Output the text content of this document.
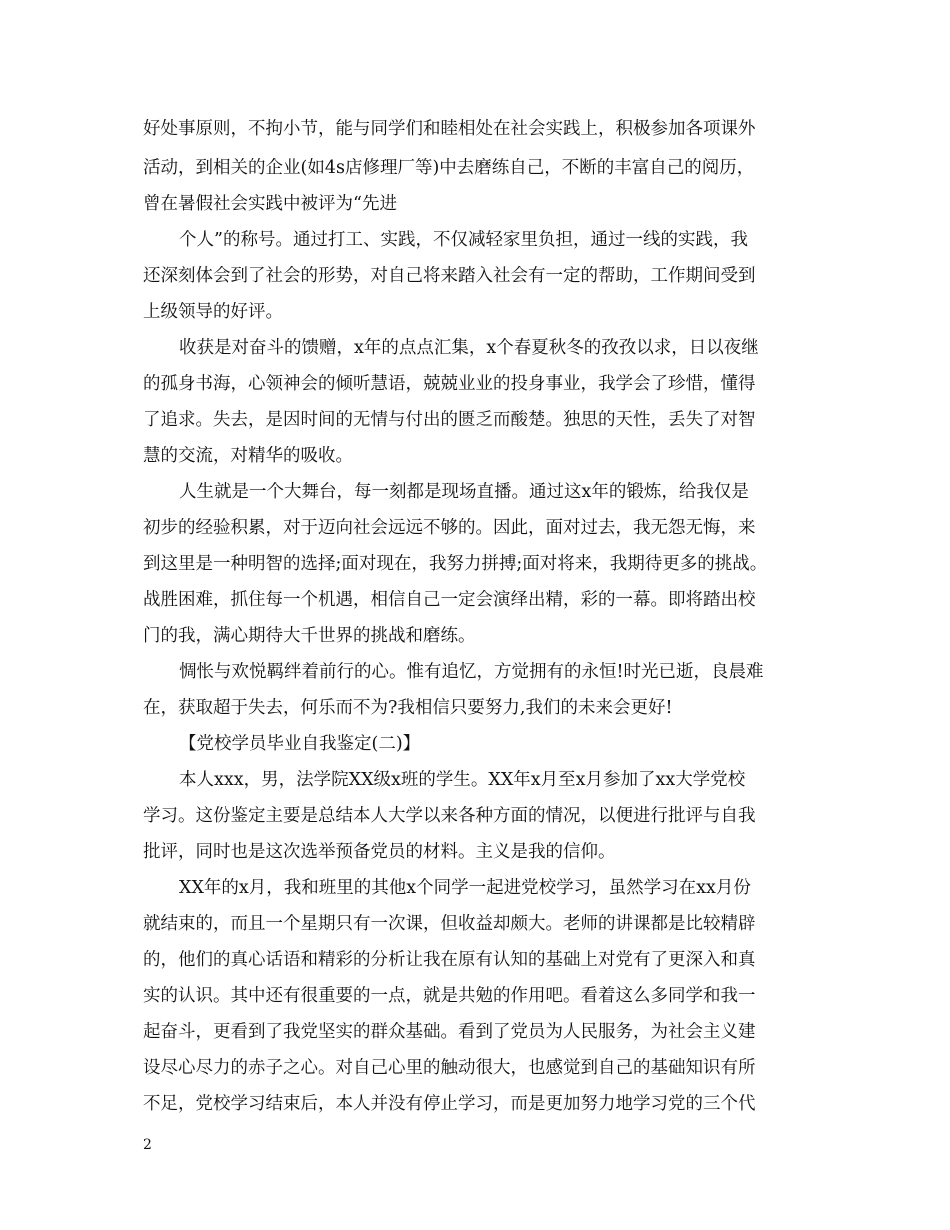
好处事原则，不拘小节，能与同学们和睦相处在社会实践上，积极参加各项课外
活动，到相关的企业(如4s店修理厂等)中去磨练自己，不断的丰富自己的阅历，
曾在暑假社会实践中被评为“先进
个人”的称号。通过打工、实践，不仅减轻家里负担，通过一线的实践，我
还深刻体会到了社会的形势，对自己将来踏入社会有一定的帮助，工作期间受到
上级领导的好评。
收获是对奋斗的馈赠，x年的点点汇集，x个春夏秋冬的孜孜以求，日以夜继
的孤身书海，心领神会的倾听慧语，兢兢业业的投身事业，我学会了珍惜，懂得
了追求。失去，是因时间的无情与付出的匮乏而酸楚。独思的天性，丢失了对智
慧的交流，对精华的吸收。
人生就是一个大舞台，每一刻都是现场直播。通过这x年的锻炼，给我仅是
初步的经验积累，对于迈向社会远远不够的。因此，面对过去，我无怨无悔，来
到这里是一种明智的选择;面对现在，我努力拼搏;面对将来，我期待更多的挑战。
战胜困难，抓住每一个机遇，相信自己一定会演绎出精，彩的一幕。即将踏出校
门的我，满心期待大千世界的挑战和磨练。
惆怅与欢悦羁绊着前行的心。惟有追忆，方觉拥有的永恒!时光已逝，良晨难
在，获取超于失去，何乐而不为?我相信只要努力,我们的未来会更好!
【党校学员毕业自我鉴定(二)】
本人xxx，男，法学院XX级x班的学生。XX年x月至x月参加了xx大学党校
学习。这份鉴定主要是总结本人大学以来各种方面的情况，以便进行批评与自我
批评，同时也是这次选举预备党员的材料。主义是我的信仰。
XX年的x月，我和班里的其他x个同学一起进党校学习，虽然学习在xx月份
就结束的，而且一个星期只有一次课，但收益却颇大。老师的讲课都是比较精辟
的，他们的真心话语和精彩的分析让我在原有认知的基础上对党有了更深入和真
实的认识。其中还有很重要的一点，就是共勉的作用吧。看着这么多同学和我一
起奋斗，更看到了我党坚实的群众基础。看到了党员为人民服务，为社会主义建
设尽心尽力的赤子之心。对自己心里的触动很大，也感觉到自己的基础知识有所
不足，党校学习结束后，本人并没有停止学习，而是更加努力地学习党的三个代
2
